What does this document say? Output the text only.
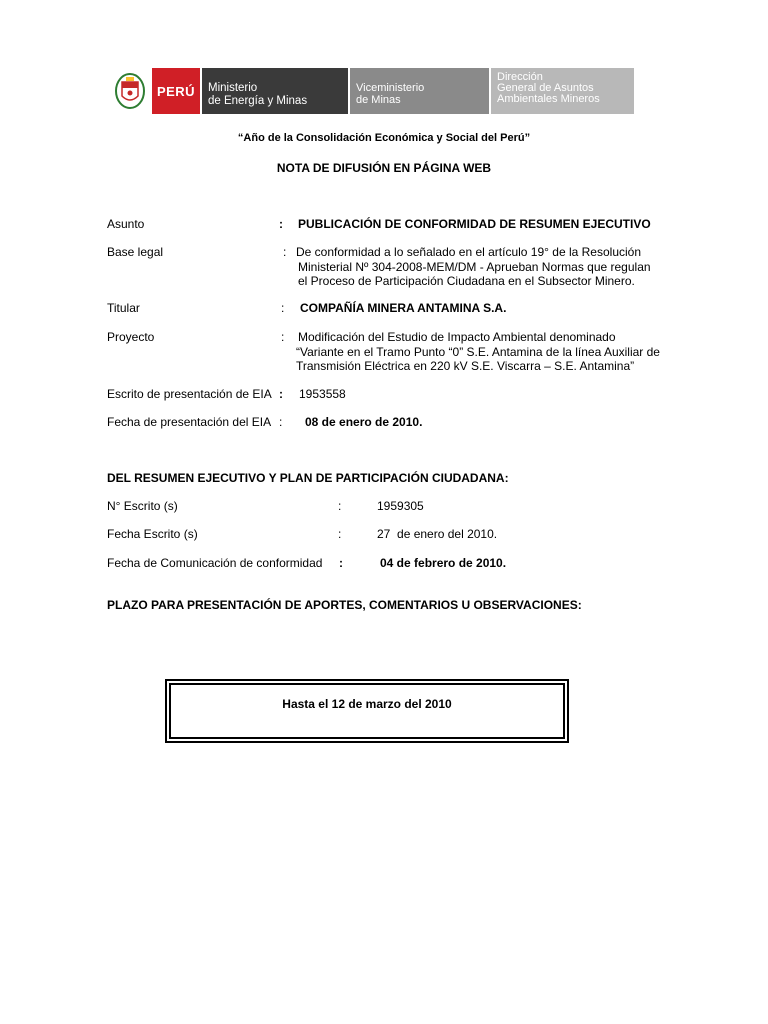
PERÚ	Ministerio
de Energía y Minas
Viceministerio
de Minas
Dirección
General de Asuntos
Ambientales Mineros
“Año de la Consolidación Económica y Social del Perú”
NOTA DE DIFUSIÓN EN PÁGINA WEB
Asunto	: PUBLICACIÓN DE CONFORMIDAD DE RESUMEN EJECUTIVO
Base legal	: De conformidad a lo señalado en el artículo 19° de la Resolución
Ministerial Nº 304-2008-MEM/DM - Aprueban Normas que regulan
el Proceso de Participación Ciudadana en el Subsector Minero.
Titular	: COMPAÑÍA MINERA ANTAMINA S.A.
Proyecto	: Modificación del Estudio de Impacto Ambiental denominado
“Variante en el Tramo Punto “0” S.E. Antamina de la línea Auxiliar de
Transmisión Eléctrica en 220 kV S.E. Viscarra – S.E. Antamina”
Escrito de presentación de EIA : 1953558
Fecha de presentación del EIA : 08 de enero de 2010.
DEL RESUMEN EJECUTIVO Y PLAN DE PARTICIPACIÓN CIUDADANA:
N° Escrito (s)	:	1959305
Fecha Escrito (s)	:	27  de enero del 2010.
Fecha de Comunicación de conformidad :	04 de febrero de 2010.
PLAZO PARA PRESENTACIÓN DE APORTES, COMENTARIOS U OBSERVACIONES:
Hasta el 12 de marzo del 2010
